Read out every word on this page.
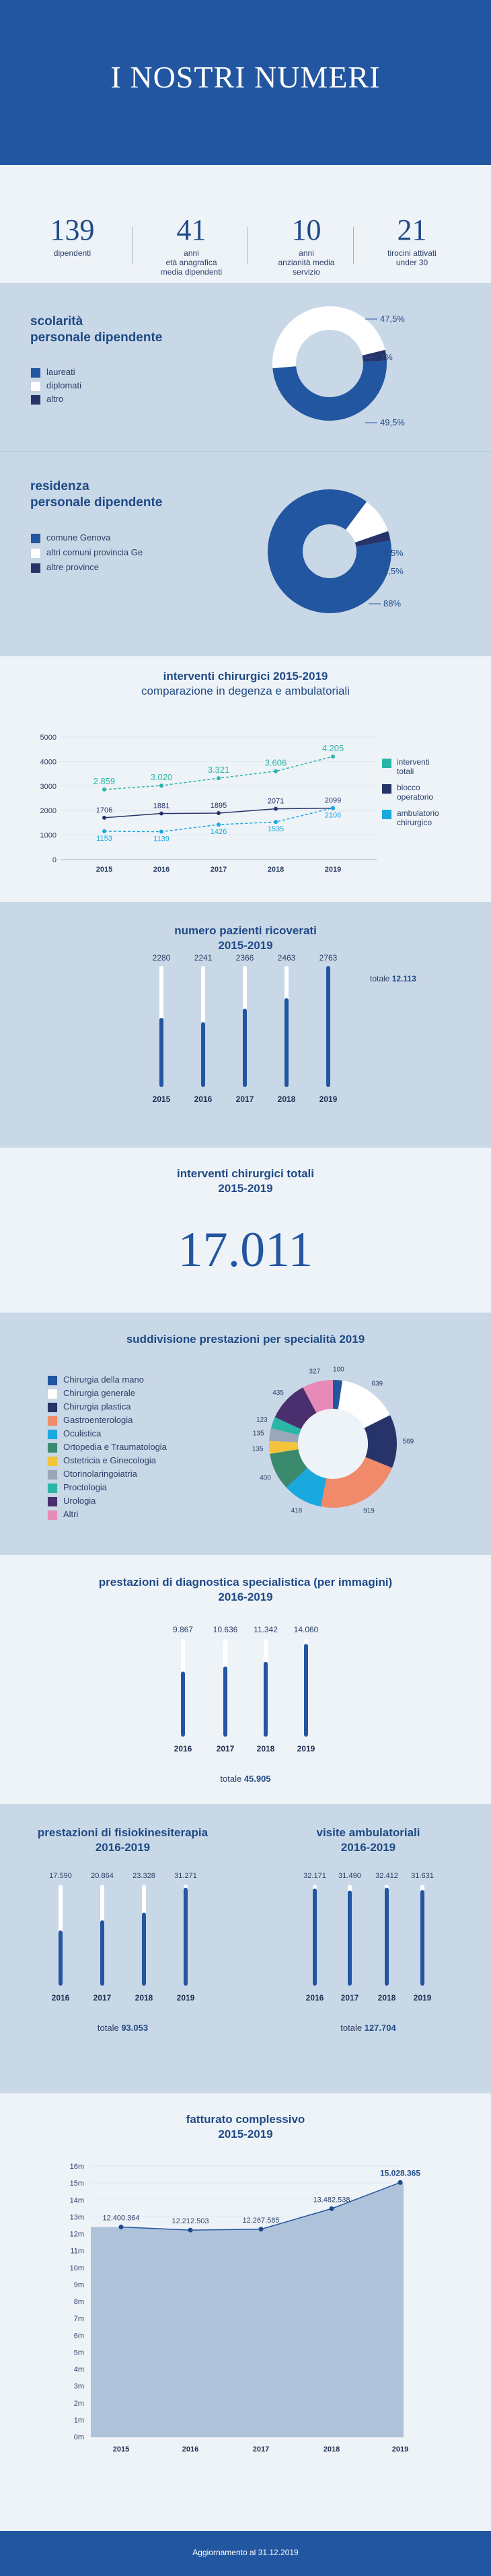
I NOSTRI NUMERI
139
dipendenti
41
anni
età anagrafica
media dipendenti
10
anni
anzianità media
servizio
21
tirocini attivati
under 30
scolarità
personale dipendente
49,5%
3%
47,5%
laureati
diplomati
altro
residenza
personale dipendente
9,5%
2,5%
88%
comune Genova
altri comuni provincia Ge
altre province
interventi chirurgici 2015-2019
comparazione in degenza e ambulatoriali
0
1000
2000
3000
4000
5000
2015	2016	2017	2018	2019
2.859	3.020
3.321
3.606
4.205
1706
1881	1895
2071	2099
1153	1139
1426	1535
2106
interventi
totali
blocco
operatorio
ambulatorio
chirurgico
numero pazienti ricoverati
2015-2019
2280
2015
2241
2016
2366
2017
2463
2018
2763
2019
totale 12.113
interventi chirurgici totali
2015-2019
17.011
suddivisione prestazioni per specialità 2019
100
639
569
919
418
400
135
135
123
435
327
Chirurgia della mano
Chirurgia generale
Chirurgia plastica
Gastroenterologia
Oculistica
Ortopedia e Traumatologia
Ostetricia e Ginecologia
Otorinolaringoiatria
Proctologia
Urologia
Altri
prestazioni di diagnostica specialistica (per immagini)
2016-2019
9.867
2016
10.636
2017
11.342
2018
14.060
2019
totale 45.905
prestazioni di fisiokinesiterapia
2016-2019
visite ambulatoriali
2016-2019
17.590
2016
20.864
2017
23.328
2018
31.271
2019
32.171
2016
31.490
2017
32.412
2018
31.631
2019
totale 93.053	totale 127.704
fatturato complessivo
2015-2019
0m
1m
2m
3m
4m
5m
6m
7m
8m
9m
10m
11m
12m
13m
14m
15m
16m
12.400.364	12.212.503	12.267.585
13.482.538
15.028.365
2015	2016	2017	2018	2019
Aggiornamento al 31.12.2019
